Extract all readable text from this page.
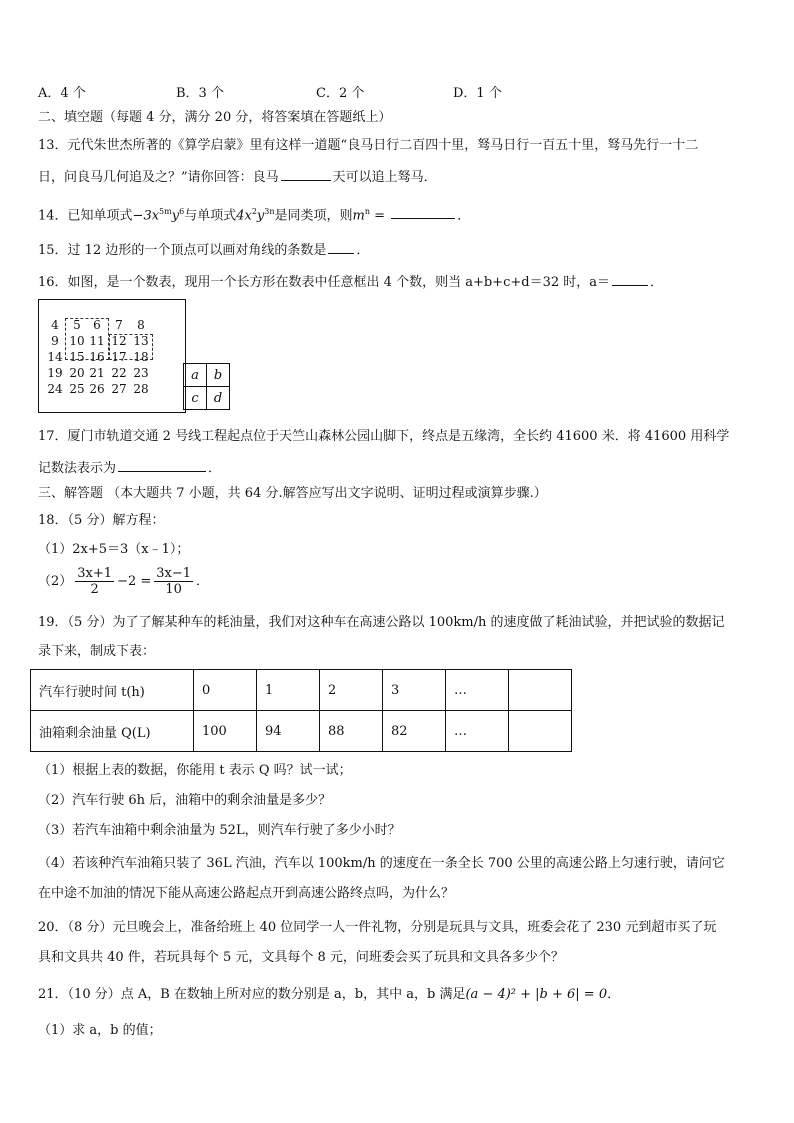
A．4 个	B．3 个	C．2 个	D．1 个
二、填空题（每题 4 分，满分 20 分，将答案填在答题纸上）
13．元代朱世杰所著的《算学启蒙》里有这样一道题“良马日行二百四十里，驽马日行一百五十里，驽马先行一十二
日，问良马几何追及之？”请你回答：良马	天可以追上驽马．
14．已知单项式$-3x^{5m}y^6$与单项式$4x^2y^{3n}$是同类项，则$m^n$ =	．
15．过 12 边形的一个顶点可以画对角线的条数是 ．
16．如图，是一个数表，现用一个长方形在数表中任意框出 4 个数，则当 a+b+c+d＝32 时，a＝	．
4	5	6	7	8
9 10 11 12 13
14 15 16 17 18
19 20 21 22 23
24 25 26 27 28
a	b
c	d
17．厦门市轨道交通 2 号线工程起点位于天竺山森林公园山脚下，终点是五缘湾，全长约 41600 米．将 41600 用科学
记数法表示为	．
三、解答题 （本大题共 7 小题，共 64 分.解答应写出文字说明、证明过程或演算步骤.）
18．（5 分）解方程：
（1）2x+5＝3（x﹣1）；
$(2) \frac{3x+1}{2} -2 = \frac{3x-1}{10}$ ．
19．（5 分）为了了解某种车的耗油量，我们对这种车在高速公路以 100km/h 的速度做了耗油试验，并把试验的数据记
录下来，制成下表：
汽车行驶时间 t(h)	0	1	2	3	…	
油箱剩余油量 Q(L)	100	94	88	82	…	
（1）根据上表的数据，你能用 t 表示 Q 吗？试一试；
（2）汽车行驶 6h 后，油箱中的剩余油量是多少？
（3）若汽车油箱中剩余油量为 52L，则汽车行驶了多少小时？
（4）若该种汽车油箱只装了 36L 汽油，汽车以 100km/h 的速度在一条全长 700 公里的高速公路上匀速行驶，请问它
在中途不加油的情况下能从高速公路起点开到高速公路终点吗，为什么？
20．（8 分）元旦晚会上，准备给班上 40 位同学一人一件礼物，分别是玩具与文具，班委会花了 230 元到超市买了玩
具和文具共 40 件，若玩具每个 5 元，文具每个 8 元，问班委会买了玩具和文具各多少个？
21．（10 分）点 A，B 在数轴上所对应的数分别是 a，b，其中 a，b 满足(a − 4)² + |b + 6| = 0．
（1）求 a，b 的值；
